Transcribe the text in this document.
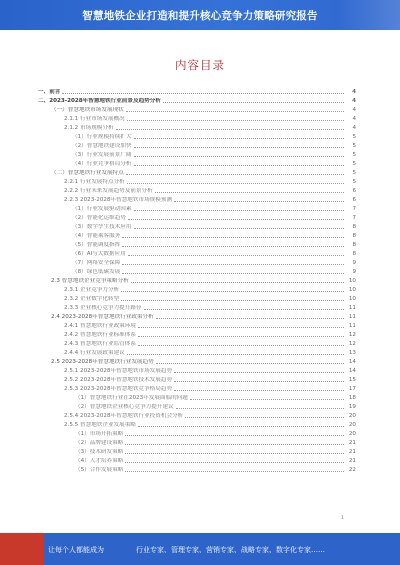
智慧地铁企业打造和提升核心竞争力策略研究报告
内容目录
一、前言	4
二、2023-2028年智慧地铁行业前景及趋势分析	4
（一）智慧地铁市场发展现状	4
2.1.1 行业市场发展概况	4
2.1.2 市场规模分析	4
（1）行业规模持续扩大	5
（2）智慧地铁建设加快	5
（3）行业发展前景广阔	5
（4）行业竞争格局分析	5
（二）智慧地铁行业发展特点	5
2.2.1 行业发展特点分析	5
2.2.2 行业未来发展趋势及前景分析	6
2.2.3 2023-2028年智慧地铁市场规模预测	6
（1）行业发展驱动因素	7
（2）智能化运维趋势	7
（3）数字孪生技术应用	8
（4）智能乘客服务	8
（5）智能调度指挥	8
（6）AI与大数据应用	8
（7）网络安全保障	9
（8）绿色低碳发展	9
2.3 智慧地铁企业竞争策略分析	10
2.3.1 企业竞争力分析	10
2.3.2 企业数字化转型	10
2.3.3 企业核心竞争力提升路径	11
2.4 2023-2028年智慧地铁行业政策分析	11
2.4.1 智慧地铁行业政策环境	11
2.4.2 智慧地铁行业标准体系	12
2.4.3 智慧地铁行业监管体系	12
2.4.4 行业发展政策建议	13
2.5 2023-2028年智慧地铁行业发展趋势	14
2.5.1 2023-2028年智慧地铁市场发展趋势	14
2.5.2 2023-2028年智慧地铁技术发展趋势	15
2.5.3 2023-2028年智慧地铁竞争格局趋势	17
（1）智慧地铁行业在2023年发展面临的问题	18
（2）智慧地铁企业核心竞争力提升建议	19
2.5.4 2023-2028年智慧地铁行业投资机会分析	20
2.5.5 智慧地铁企业发展策略	20
（1）市场开拓策略	20
（2）品牌建设策略	21
（3）技术研发策略	21
（4）人才培养策略	21
（5）合作发展策略	22
1
让每个人都能成为	行业专家、管理专家、营销专家、战略专家、数字化专家……
